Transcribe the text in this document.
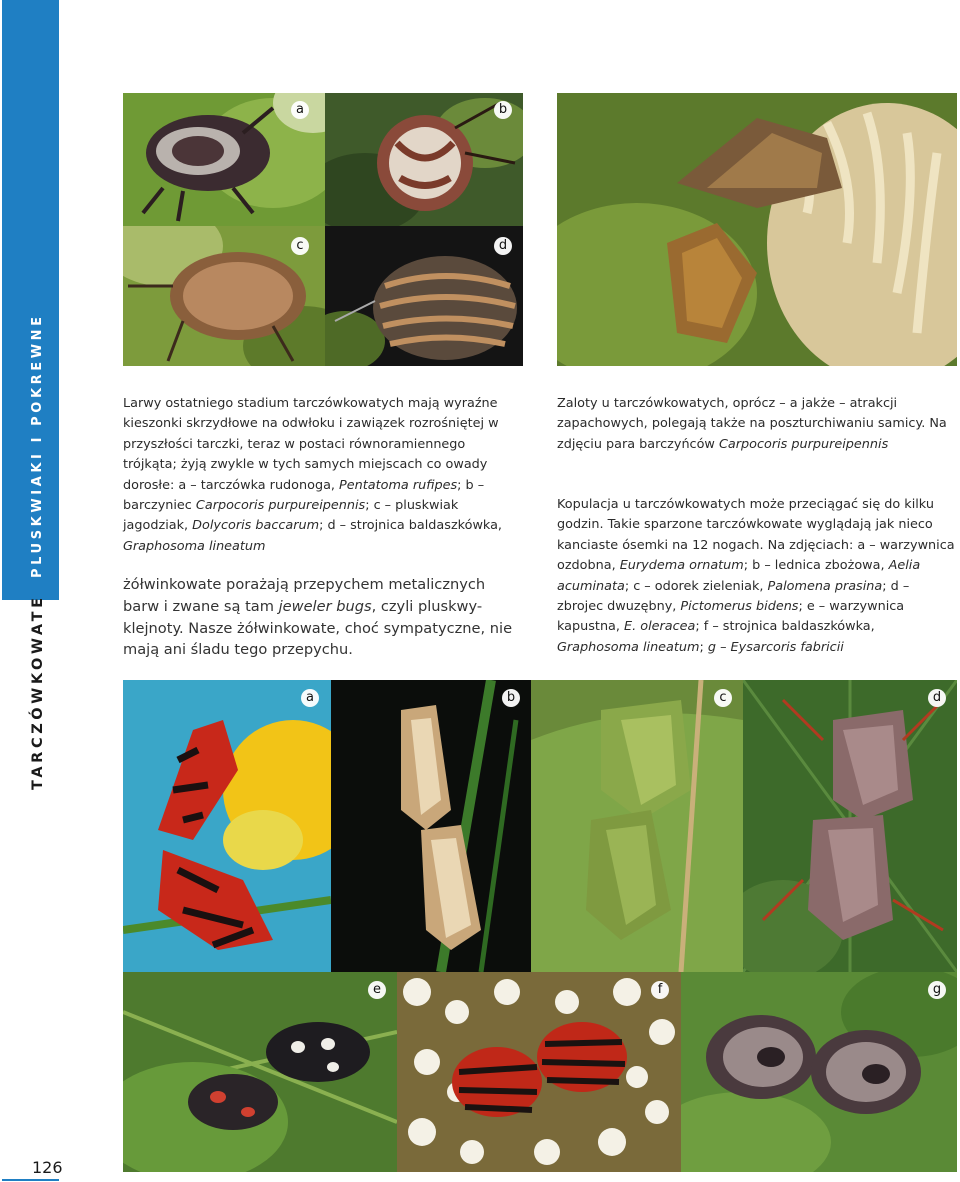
PLUSKWIAKI I POKREWNE
TARCZÓWKOWATE
126
a	b
c	d

Larwy ostatniego stadium tarczówkowatych mają wyraźne kieszonki skrzydłowe na odwłoku i zawiązek rozrośniętej w przyszłości tarczki, teraz w postaci równoramiennego trójkąta; żyją zwykle w tych samych miejscach co owady dorosłe: a – tarczówka rudonoga, Pentatoma rufipes; b – barczyniec Carpocoris purpureipennis; c – pluskwiak jagodziak, Dolycoris baccarum; d – strojnica baldaszkówka, Graphosoma lineatum

żółwinkowate porażają przepychem metalicznych barw i zwane są tam jeweler bugs, czyli pluskwy-klejnoty. Nasze żółwinkowate, choć sympatyczne, nie mają ani śladu tego przepychu.

Zaloty u tarczówkowatych, oprócz – a jakże – atrakcji zapachowych, polegają także na poszturchiwaniu samicy. Na zdjęciu para barczyńców Carpocoris purpureipennis

Kopulacja u tarczówkowatych może przeciągać się do kilku godzin. Takie sparzone tarczówkowate wyglądają jak nieco kanciaste ósemki na 12 nogach. Na zdjęciach: a – warzywnica ozdobna, Eurydema ornatum; b – lednica zbożowa, Aelia acuminata; c – odorek zieleniak, Palomena prasina; d – zbrojec dwuzębny, Pictomerus bidens; e – warzywnica kapustna, E. oleracea; f – strojnica baldaszkówka, Graphosoma lineatum; g – Eysarcoris fabricii

a	b	c	d
e	f	g
